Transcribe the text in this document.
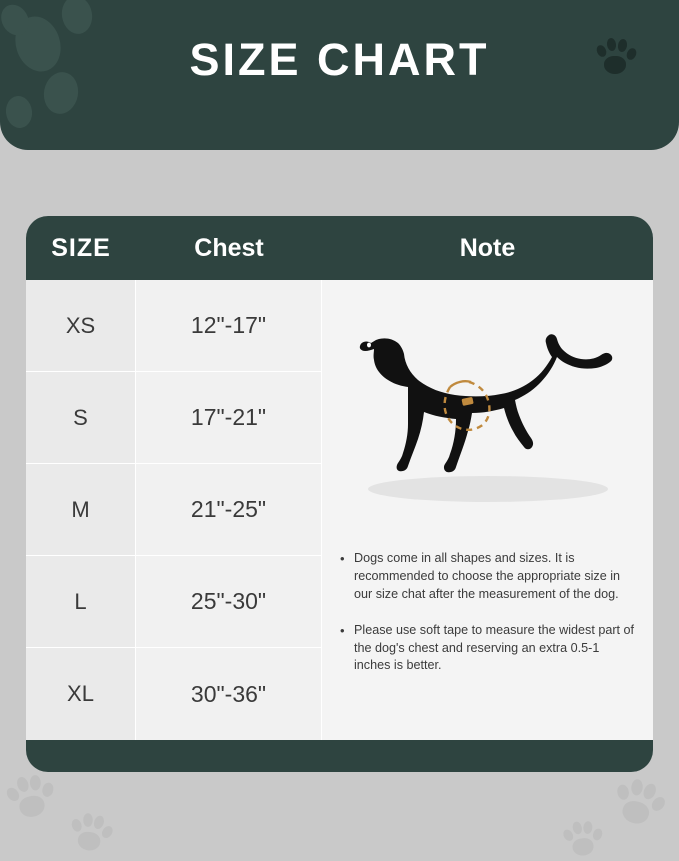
SIZE CHART
SIZE	Chest	Note
XS
S
M
L
XL
12"-17"
17"-21"
21"-25"
25"-30"
30"-36"
• Dogs come in all shapes and sizes. It is recommended to choose the appropriate size in our size chat after the measurement of the dog.
• Please use soft tape to measure the widest part of the dog's chest and reserving an extra 0.5-1 inches is better.
